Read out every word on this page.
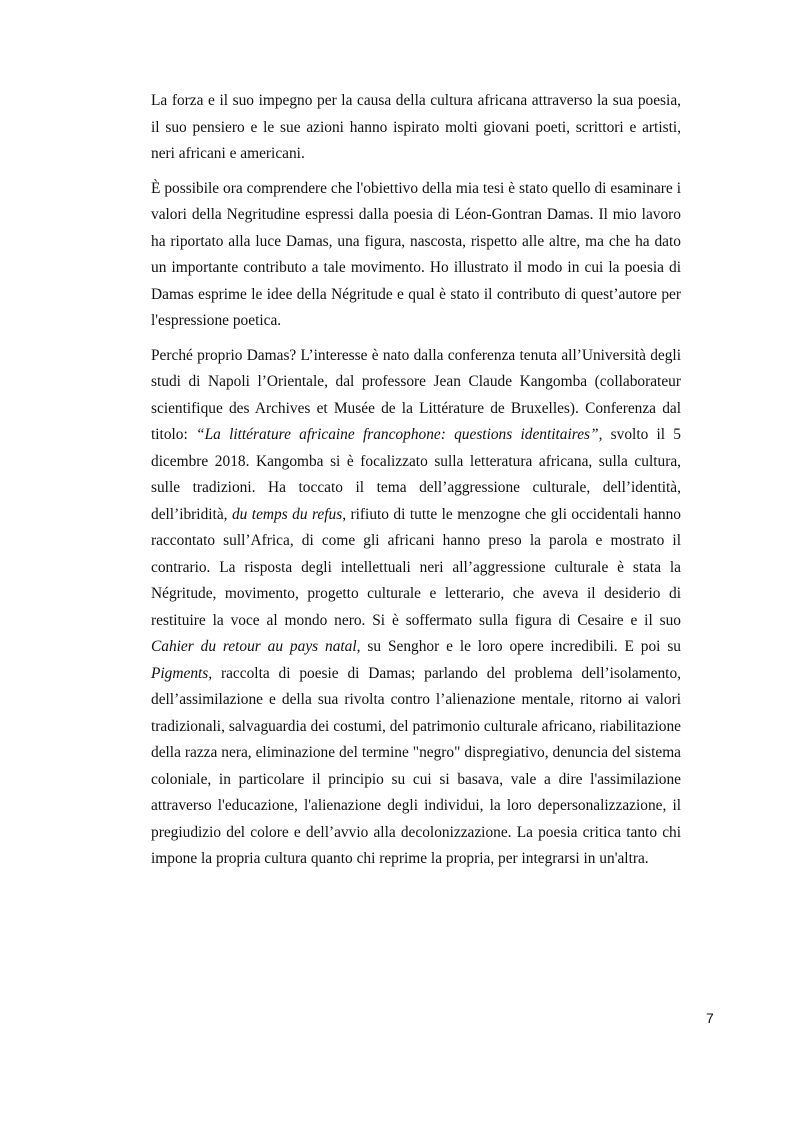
La forza e il suo impegno per la causa della cultura africana attraverso la sua poesia, il suo pensiero e le sue azioni hanno ispirato molti giovani poeti, scrittori e artisti, neri africani e americani.

È possibile ora comprendere che l'obiettivo della mia tesi è stato quello di esaminare i valori della Negritudine espressi dalla poesia di Léon-Gontran Damas. Il mio lavoro ha riportato alla luce Damas, una figura, nascosta, rispetto alle altre, ma che ha dato un importante contributo a tale movimento. Ho illustrato il modo in cui la poesia di Damas esprime le idee della Négritude e qual è stato il contributo di quest’autore per l'espressione poetica.

Perché proprio Damas? L’interesse è nato dalla conferenza tenuta all’Università degli studi di Napoli l’Orientale, dal professore Jean Claude Kangomba (collaborateur scientifique des Archives et Musée de la Littérature de Bruxelles). Conferenza dal titolo: “La littérature africaine francophone: questions identitaires”, svolto il 5 dicembre 2018. Kangomba si è focalizzato sulla letteratura africana, sulla cultura, sulle tradizioni. Ha toccato il tema dell’aggressione culturale, dell’identità, dell’ibridità, du temps du refus, rifiuto di tutte le menzogne che gli occidentali hanno raccontato sull’Africa, di come gli africani hanno preso la parola e mostrato il contrario. La risposta degli intellettuali neri all’aggressione culturale è stata la Négritude, movimento, progetto culturale e letterario, che aveva il desiderio di restituire la voce al mondo nero. Si è soffermato sulla figura di Cesaire e il suo Cahier du retour au pays natal, su Senghor e le loro opere incredibili. E poi su Pigments, raccolta di poesie di Damas; parlando del problema dell’isolamento, dell’assimilazione e della sua rivolta contro l’alienazione mentale, ritorno ai valori tradizionali, salvaguardia dei costumi, del patrimonio culturale africano, riabilitazione della razza nera, eliminazione del termine "negro" dispregiativo, denuncia del sistema coloniale, in particolare il principio su cui si basava, vale a dire l'assimilazione attraverso l'educazione, l'alienazione degli individui, la loro depersonalizzazione, il pregiudizio del colore e dell’avvio alla decolonizzazione. La poesia critica tanto chi impone la propria cultura quanto chi reprime la propria, per integrarsi in un'altra.

7
